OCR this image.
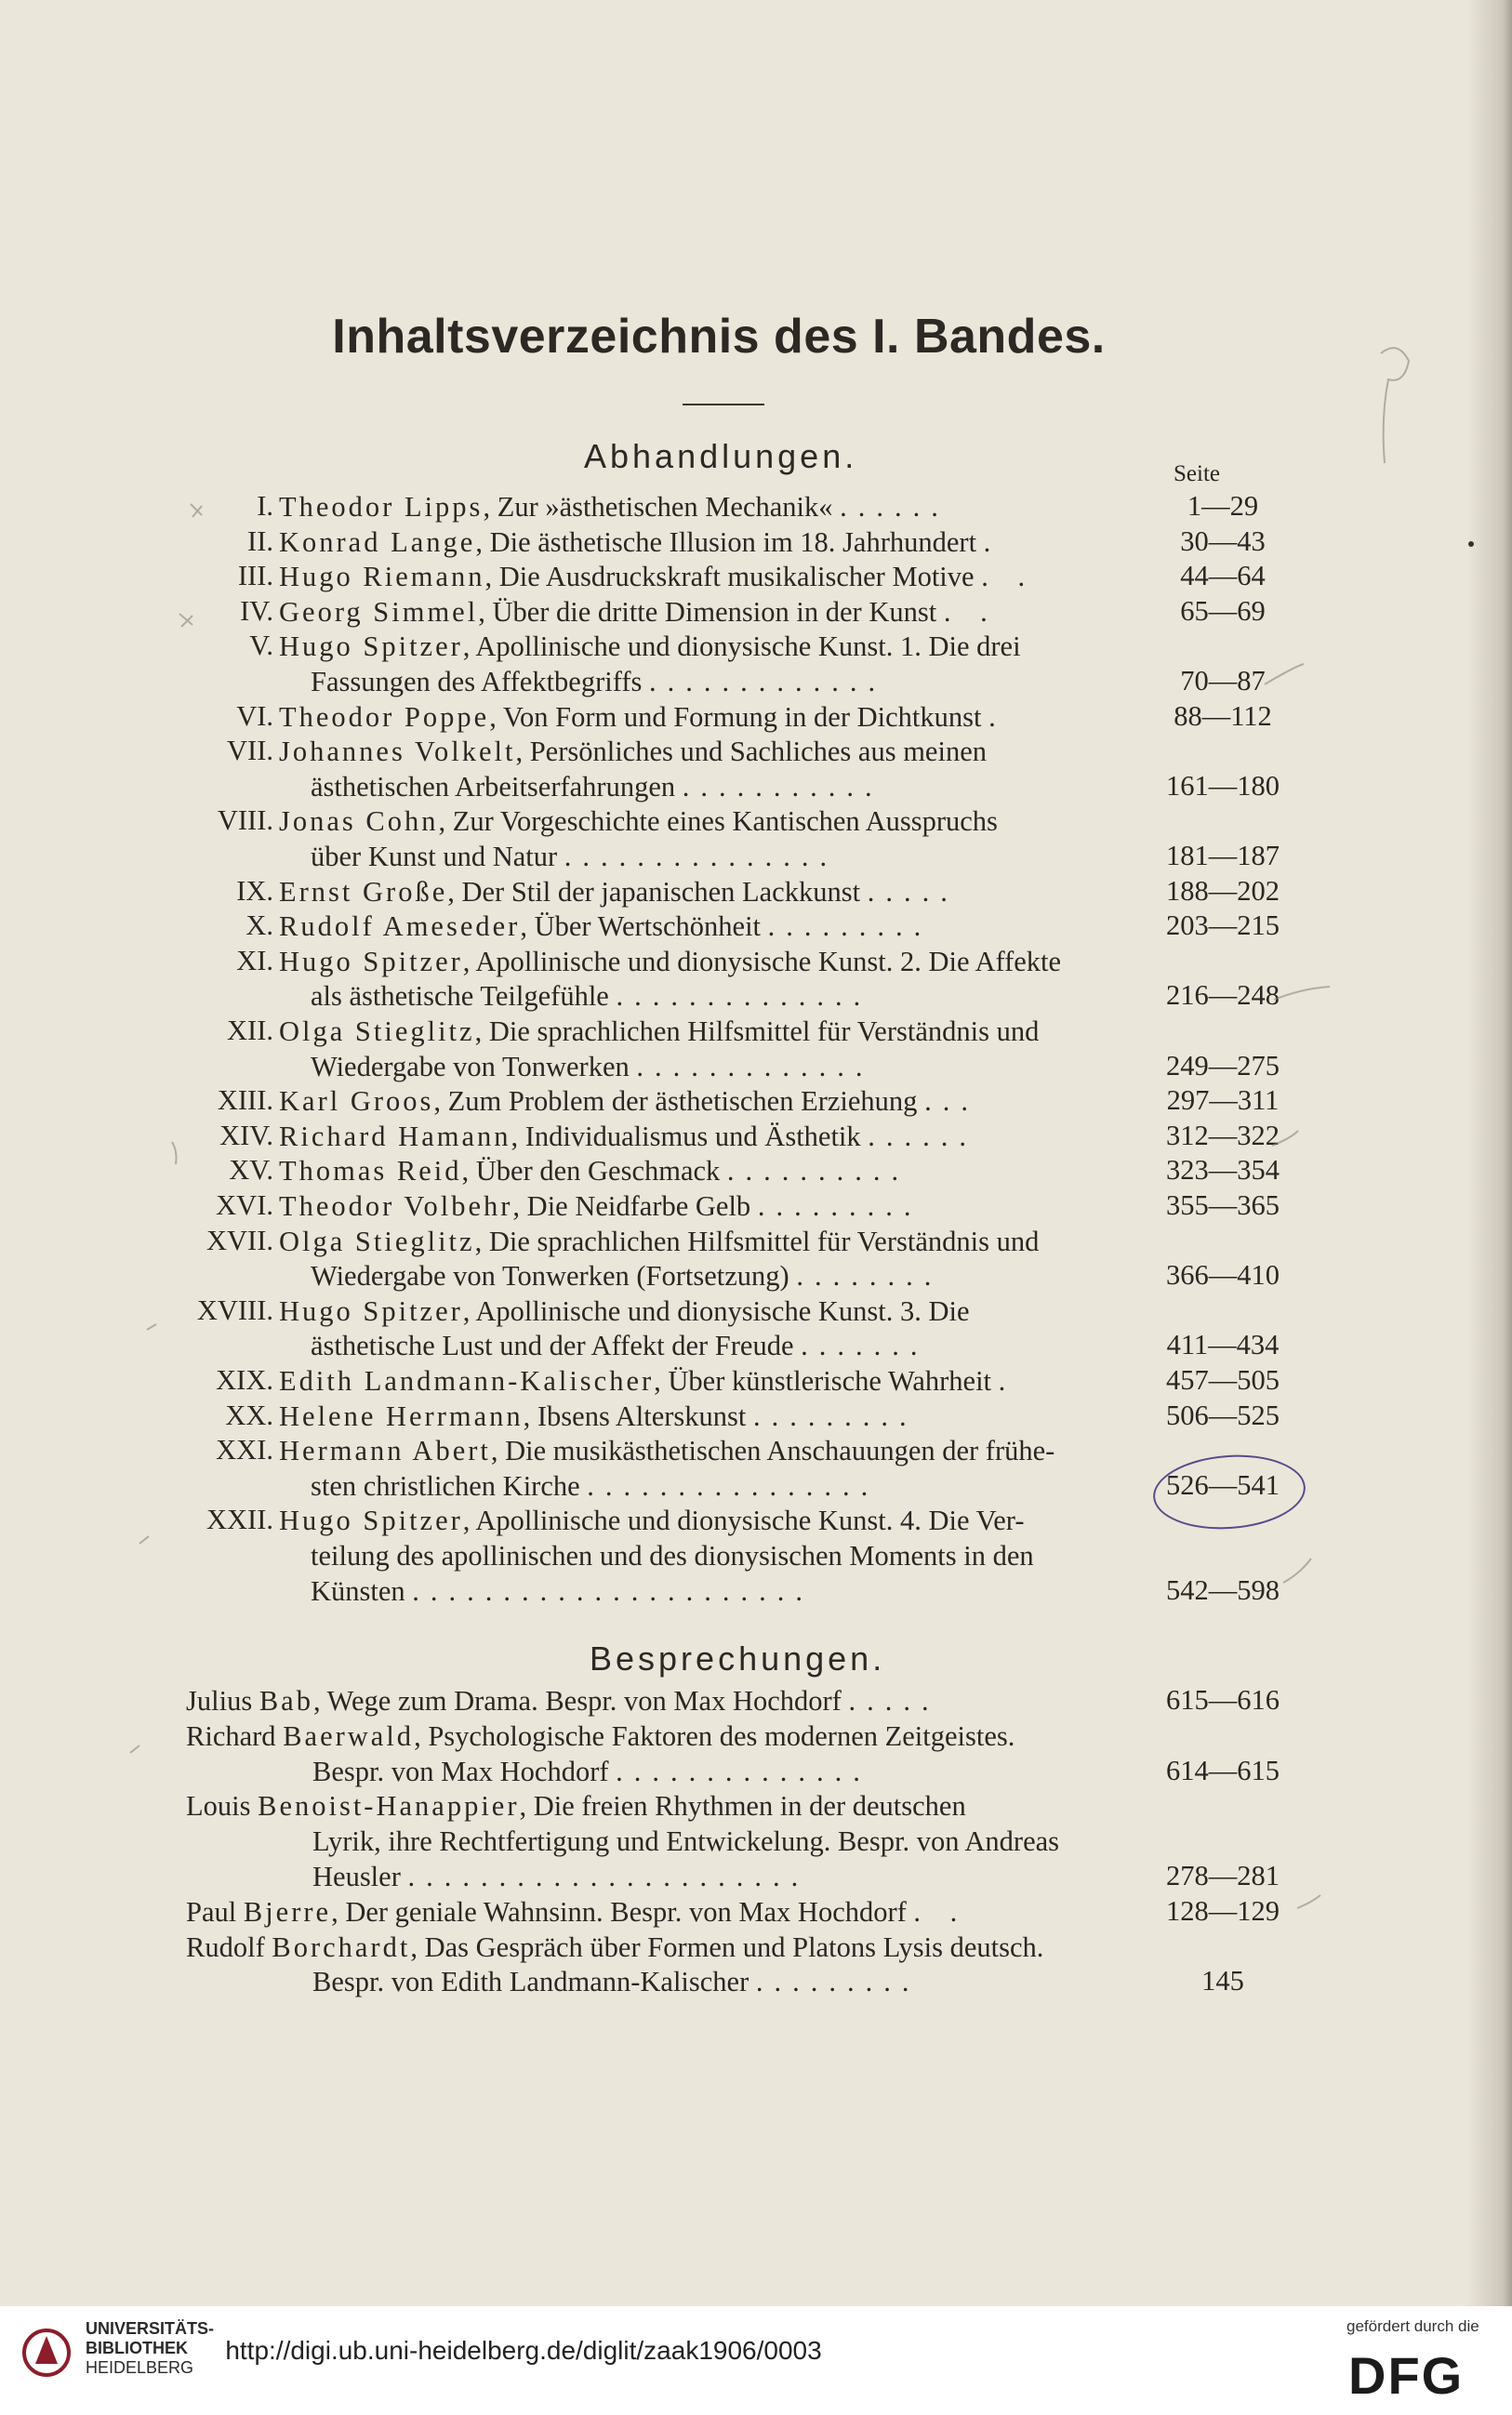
Inhaltsverzeichnis des I. Bandes.
Abhandlungen.	Seite
I. Theodor Lipps, Zur »ästhetischen Mechanik« ......	1—29
II. Konrad Lange, Die ästhetische Illusion im 18. Jahrhundert .	30—43
III. Hugo Riemann, Die Ausdruckskraft musikalischer Motive . .	44—64
IV. Georg Simmel, Über die dritte Dimension in der Kunst . .	65—69
V. Hugo Spitzer, Apollinische und dionysische Kunst. 1. Die drei
Fassungen des Affektbegriffs .............	70—87
VI. Theodor Poppe, Von Form und Formung in der Dichtkunst .	88—112
VII. Johannes Volkelt, Persönliches und Sachliches aus meinen
ästhetischen Arbeitserfahrungen ...........	161—180
VIII. Jonas Cohn, Zur Vorgeschichte eines Kantischen Ausspruchs
über Kunst und Natur ...............	181—187
IX. Ernst Große, Der Stil der japanischen Lackkunst .....	188—202
X. Rudolf Ameseder, Über Wertschönheit .........	203—215
XI. Hugo Spitzer, Apollinische und dionysische Kunst. 2. Die Affekte
als ästhetische Teilgefühle ..............	216—248
XII. Olga Stieglitz, Die sprachlichen Hilfsmittel für Verständnis und
Wiedergabe von Tonwerken .............	249—275
XIII. Karl Groos, Zum Problem der ästhetischen Erziehung ...	297—311
XIV. Richard Hamann, Individualismus und Ästhetik ......	312—322
XV. Thomas Reid, Über den Geschmack ..........	323—354
XVI. Theodor Volbehr, Die Neidfarbe Gelb .........	355—365
XVII. Olga Stieglitz, Die sprachlichen Hilfsmittel für Verständnis und
Wiedergabe von Tonwerken (Fortsetzung) ........	366—410
XVIII. Hugo Spitzer, Apollinische und dionysische Kunst. 3. Die
ästhetische Lust und der Affekt der Freude .......	411—434
XIX. Edith Landmann-Kalischer, Über künstlerische Wahrheit .	457—505
XX. Helene Herrmann, Ibsens Alterskunst .........	506—525
XXI. Hermann Abert, Die musikästhetischen Anschauungen der frühe-
sten christlichen Kirche ................	526—541
XXII. Hugo Spitzer, Apollinische und dionysische Kunst. 4. Die Ver-
teilung des apollinischen und des dionysischen Moments in den
Künsten ......................	542—598
Besprechungen.
Julius Bab, Wege zum Drama. Bespr. von Max Hochdorf .....	615—616
Richard Baerwald, Psychologische Faktoren des modernen Zeitgeistes.
Bespr. von Max Hochdorf ..............	614—615
Louis Benoist-Hanappier, Die freien Rhythmen in der deutschen
Lyrik, ihre Rechtfertigung und Entwickelung. Bespr. von Andreas
Heusler ......................	278—281
Paul Bjerre, Der geniale Wahnsinn. Bespr. von Max Hochdorf . .	128—129
Rudolf Borchardt, Das Gespräch über Formen und Platons Lysis deutsch.
Bespr. von Edith Landmann-Kalischer .........	145
UNIVERSITÄTS-
BIBLIOTHEK
HEIDELBERG
http://digi.ub.uni-heidelberg.de/diglit/zaak1906/0003
gefördert durch die
DFG
